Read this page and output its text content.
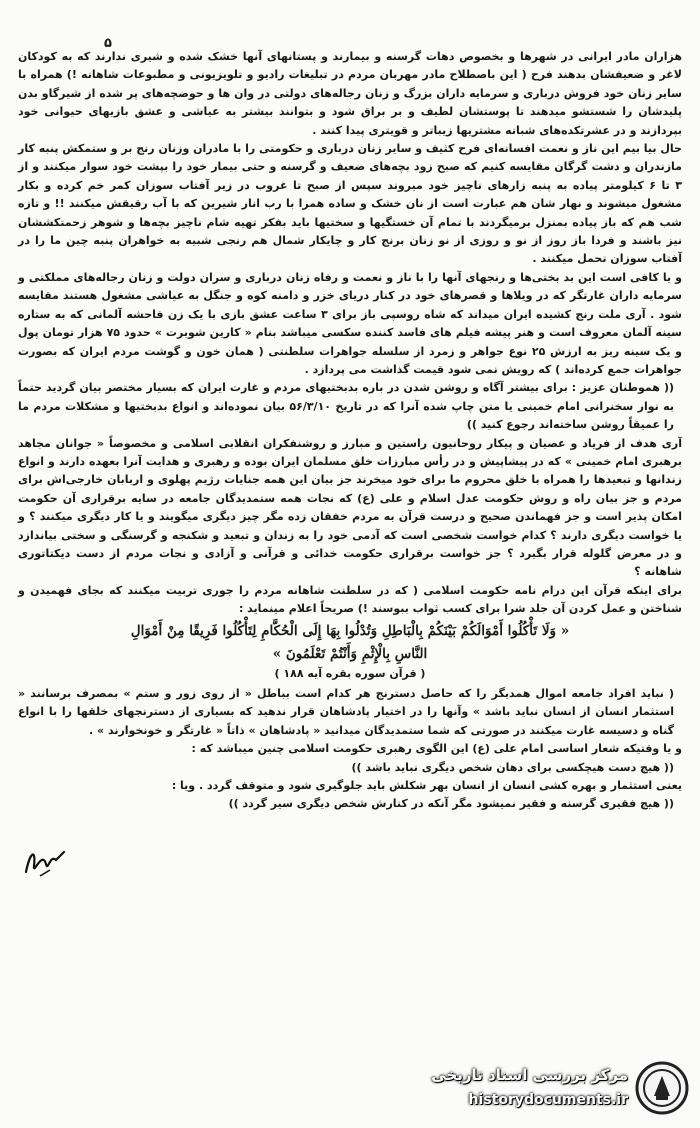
۵

هزاران مادر ایرانی در شهرها و بخصوص دهات گرسنه و بیمارند و پستانهای آنها خشک شده و شیری ندارند که به کودکان لاغر و ضعیفشان بدهند فرح ( این باصطلاح مادر مهربان مردم در تبلیغات رادیو و تلویزیونی و مطبوعات شاهانه !) همراه با سایر زنان خود فروش درباری و سرمایه داران بزرگ و زنان رجاله‌های دولتی در وان ها و حوضچه‌های پر شده از شیرگاو بدن پلیدشان را شستشو میدهند تا پوستشان لطیف و بر براق شود و بتوانند بیشتر به عیاشی و عشق بازیهای حیوانی خود بپردازند و در عشرتکده‌های شبانه مشتریها زیباتر و قویتری پیدا کنند .

حال بیا بیم این ناز و نعمت افسانه‌ای فرح کثیف و سایر زنان درباری و حکومتی را با مادران وزنان رنج بر و ستمکش پنبه کار مازندران و دشت گرگان مقایسه کنیم که صبح زود بچه‌های ضعیف و گرسنه و حتی بیمار خود را بپشت خود سوار میکنند و از ۳ تا ۶ کیلومتر پیاده به پنبه زارهای ناچیز خود میروند سپس از صبح تا غروب در زیر آفتاب سوزان کمر خم کرده و بکار مشغول میشوند و نهار شان هم عبارت است از نان خشک و ساده همرا با رب انار شیرین که با آب رقیقش میکنند !! و تازه شب هم که باز پیاده بمنزل برمیگردند با تمام آن خستگیها و سختیها باید بفکر تهیه شام ناچیز بچه‌ها و شوهر زحمتکششان نیز باشند و فردا باز روز از نو و روزی از نو زنان برنج کار و چایکار شمال هم رنجی شبیه به خواهران پنبه چین ما را در آفتاب سوزان تحمل میکنند .

و یا کافی است این بد بختی‌ها و رنجهای آنها را با ناز و نعمت و رفاه زنان درباری و سران دولت و زنان رجاله‌های مملکتی و سرمایه داران غارتگر که در ویلاها و قصرهای خود در کنار دریای خزر و دامنه کوه و جنگل به عیاشی مشغول هستند مقایسه شود . آری ملت رنج کشیده ایران میداند که شاه روسپی باز برای ۳ ساعت عشق بازی با یک زن فاحشه آلمانی که به ستاره سینه آلمان معروف است و هنر پیشه فیلم های فاسد کننده سکسی میباشد بنام « کارین شوبرت » حدود ۷۵ هزار تومان پول و یک سینه ریز به ارزش ۲۵ نوع جواهر و زمرد از سلسله جواهرات سلطنتی ( همان خون و گوشت مردم ایران که بصورت جواهرات جمع کرده‌اند ) که رویش نمی شود قیمت گذاشت می پردازد .

(( هموطنان عزیز : برای بیشتر آگاه و روشن شدن در باره بدبختیهای مردم و غارت ایران که بسیار مختصر بیان گردید حتماً به نوار سخنرانی امام خمینی یا متن چاپ شده آنرا که در تاریخ ۵۶/۳/۱۰ بیان نموده‌اند و انواع بدبختیها و مشکلات مردم ما را عمیقاً روشن ساخته‌اند رجوع کنید ))

آری هدف از فریاد و عصیان و پیکار روحانیون راستین و مبارز و روشنفکران انقلابی اسلامی و مخصوصاً « جوانان مجاهد برهبری امام خمینی » که در پیشاپیش و در رأس مبارزات خلق مسلمان ایران بوده و رهبری و هدایت آنرا بعهده دارند و انواع زندانها و تبعیدها را همراه با خلق محروم ما برای خود میخرند جز بیان این همه جنایات رژیم پهلوی و اربابان خارجی‌اش برای مردم و جز بیان راه و روش حکومت عدل اسلام و علی (ع) که نجات همه ستمدیدگان جامعه در سایه برقراری آن حکومت امکان پذیر است و جز فهماندن صحیح و درست قرآن به مردم خفقان زده مگر چیز دیگری میگویند و یا کار دیگری میکنند ؟ و یا خواست دیگری دارند ؟ کدام خواست شخصی است که آدمی خود را به زندان و تبعید و شکنجه و گرسنگی و سختی بیاندازد و در معرض گلوله قرار بگیرد ؟ جز خواست برقراری حکومت خدائی و قرآنی و آزادی و نجات مردم از دست دیکتاتوری شاهانه ؟

برای اینکه قرآن این درام نامه حکومت اسلامی ( که در سلطنت شاهانه مردم را جوری تربیت میکنند که بجای فهمیدن و شناختن و عمل کردن آن جلد شرا برای کسب ثواب ببوسند !) صریحاً اعلام مینماید :

« وَلَا تَأْكُلُوا أَمْوَالَكُمْ بَيْنَكُمْ بِالْبَاطِلِ وَتُدْلُوا بِهَا إِلَى الْحُكَّامِ لِتَأْكُلُوا فَرِيقًا مِنْ أَمْوَالِ

النَّاسِ بِالْإِثْمِ وَأَنْتُمْ تَعْلَمُونَ »

( قرآن سوره بقره آیه ۱۸۸ )

( نباید افراد جامعه اموال همدیگر را که حاصل دسترنج هر کدام است بباطل « از روی زور و ستم » بمصرف برسانند « استثمار انسان از انسان نباید باشد » وآنها را در اختیار پادشاهان قرار ندهید که بسیاری از دسترنجهای خلقها را با انواع گناه و دسیسه غارت میکنند در صورتی که شما ستمدیدگان میدانید « پادشاهان » ذاتاً « غارتگر و خونخوارند » .

و یا وقتیکه شعار اساسی امام علی (ع) این الگوی رهبری حکومت اسلامی چنین میباشد که :

(( هیچ دست هیچکسی برای دهان شخص دیگری نباید باشد ))

یعنی استثمار و بهره کشی انسان از انسان بهر شکلش باید جلوگیری شود و متوقف گردد . ویا :

(( هیچ فقیری گرسنه و فقیر نمیشود مگر آنکه در کنارش شخص دیگری سیر گردد ))

مرکز بررسی اسناد تاریخی
historydocuments.ir
